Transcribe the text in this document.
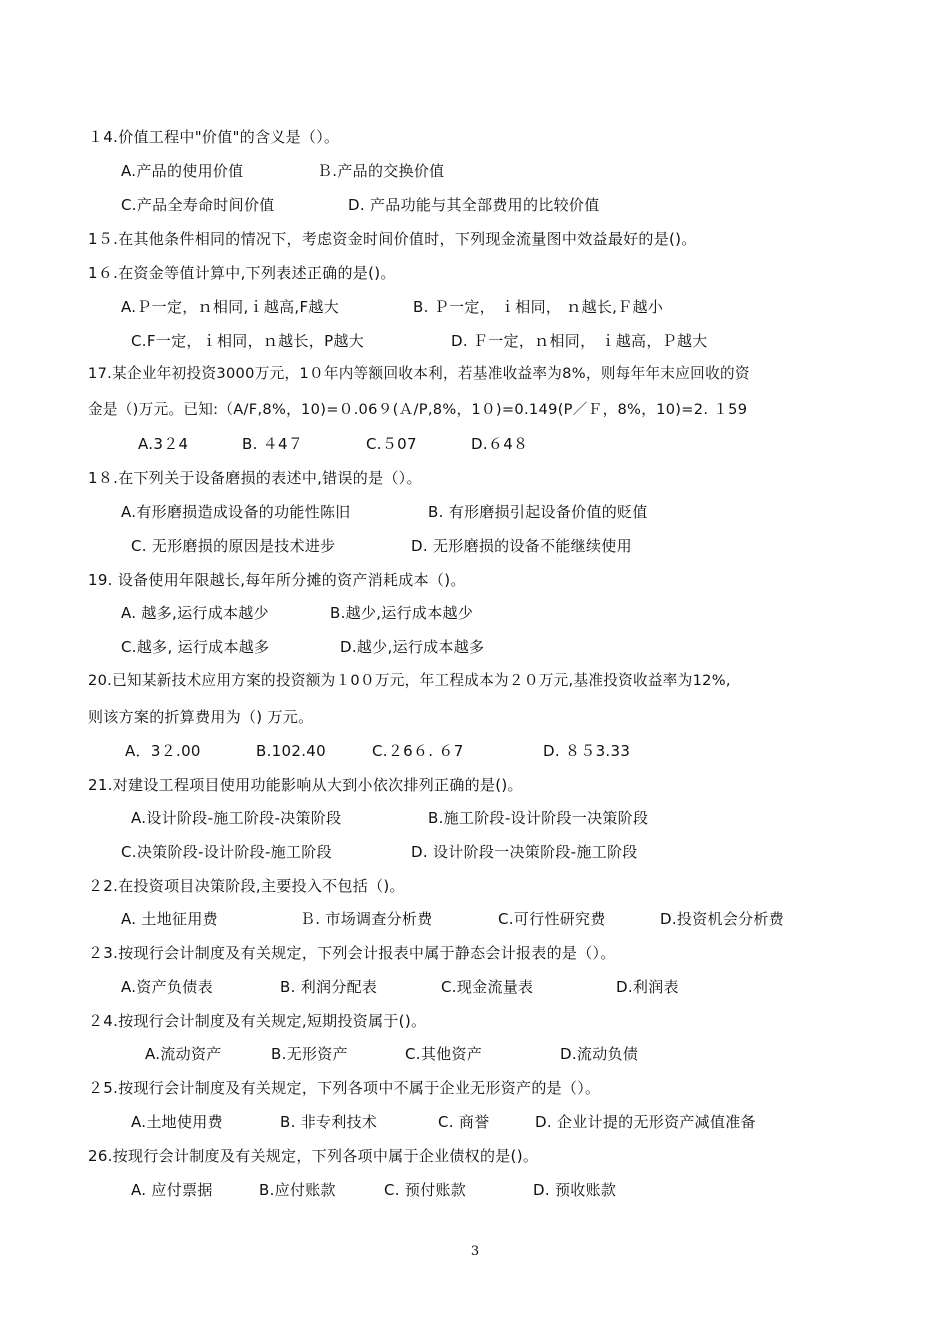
１4.价值工程中"价值"的含义是（）。
A.产品的使用价值	Ｂ.产品的交换价值
C.产品全寿命时间价值	D. 产品功能与其全部费用的比较价值
1５.在其他条件相同的情况下，考虑资金时间价值时，下列现金流量图中效益最好的是()。
1６.在资金等值计算中,下列表述正确的是()。
A.Ｐ一定，ｎ相同,ｉ越高,F越大	B. Ｐ一定， ｉ相同， ｎ越长,Ｆ越小
C.F一定，ｉ相同，ｎ越长，P越大	D. Ｆ一定，ｎ相同， ｉ越高，Ｐ越大
17.某企业年初投资3000万元，1０年内等额回收本利，若基准收益率为8%，则每年年末应回收的资
金是（)万元。已知:（A/F,8%，10)=０.06９(Ａ/P,8%，1０)=0.149(P／Ｆ，8%，10)=2. １59
A.3２4	B. ４4７	C.５07	D.６4８
1８.在下列关于设备磨损的表述中,错误的是（）。
A.有形磨损造成设备的功能性陈旧	B. 有形磨损引起设备价值的贬值
C. 无形磨损的原因是技术进步	D. 无形磨损的设备不能继续使用
19. 设备使用年限越长,每年所分摊的资产消耗成本（)。
A. 越多,运行成本越少	B.越少,运行成本越少
C.越多, 运行成本越多	D.越少,运行成本越多
20.已知某新技术应用方案的投资额为１0０万元，年工程成本为２０万元,基准投资收益率为12%,
则该方案的折算费用为（) 万元。
A．3２.00	B.102.40	C.２6６. ６7	D. ８５3.33
21.对建设工程项目使用功能影响从大到小依次排列正确的是()。
A.设计阶段-施工阶段-决策阶段	B.施工阶段-设计阶段一决策阶段
C.决策阶段-设计阶段-施工阶段	D. 设计阶段一决策阶段-施工阶段
２2.在投资项目决策阶段,主要投入不包括（)。
A. 土地征用费	Ｂ. 市场调查分析费	C.可行性研究费	D.投资机会分析费
２3.按现行会计制度及有关规定，下列会计报表中属于静态会计报表的是（）。
A.资产负债表	B. 利润分配表	C.现金流量表	D.利润表
２4.按现行会计制度及有关规定,短期投资属于()。
A.流动资产	B.无形资产	C.其他资产	D.流动负债
２5.按现行会计制度及有关规定，下列各项中不属于企业无形资产的是（）。
A.土地使用费	B. 非专利技术	C. 商誉	D. 企业计提的无形资产减值准备
26.按现行会计制度及有关规定，下列各项中属于企业债权的是()。
A. 应付票据	B.应付账款	C. 预付账款	D. 预收账款
3
